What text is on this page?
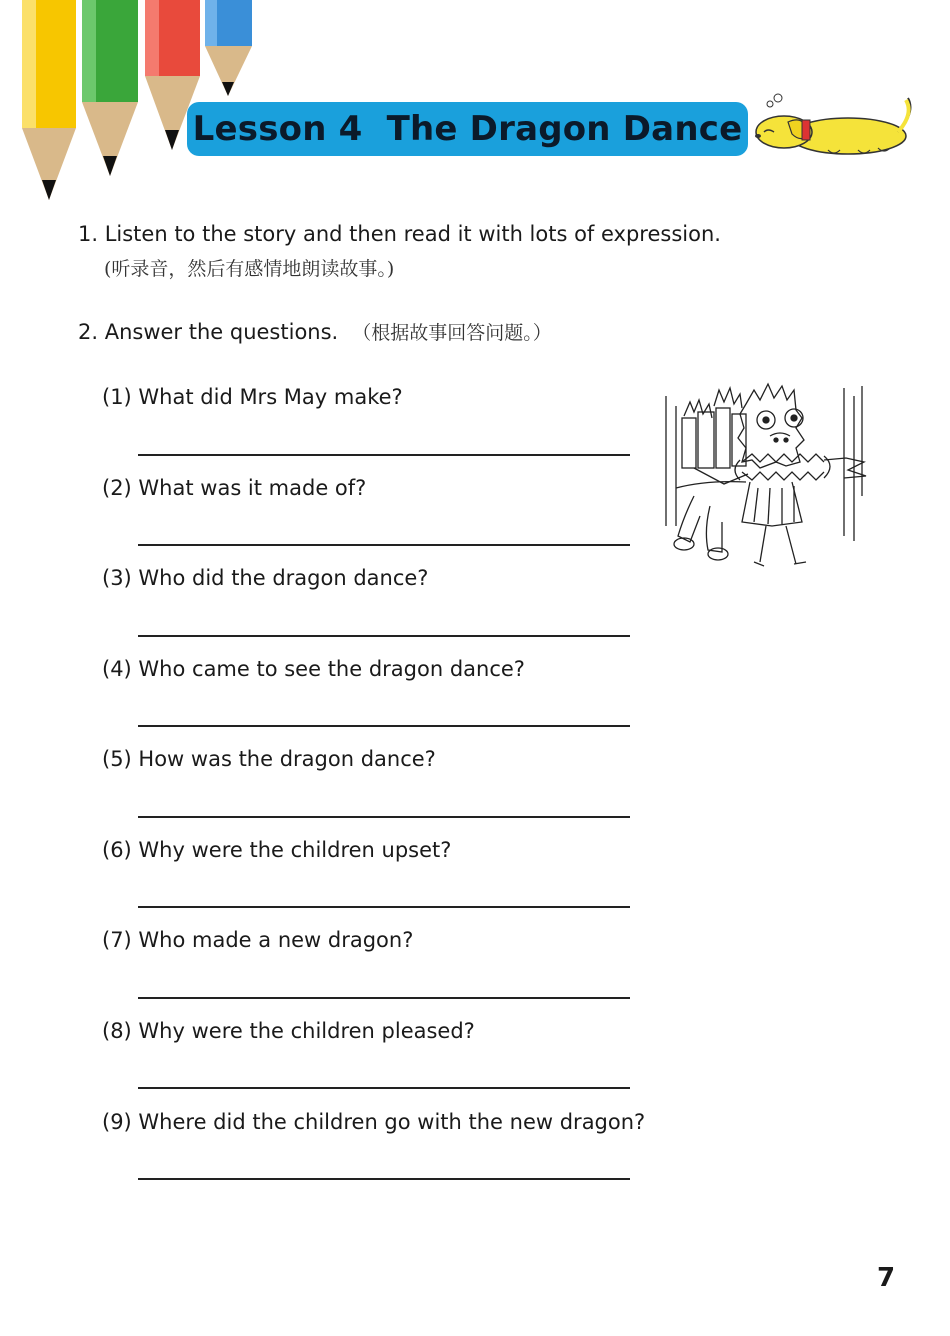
Lesson 4  The Dragon Dance
1. Listen to the story and then read it with lots of expression.
(听录音，然后有感情地朗读故事。)
2. Answer the questions. （根据故事回答问题。）
(1) What did Mrs May make?
(2) What was it made of?
(3) Who did the dragon dance?
(4) Who came to see the dragon dance?
(5) How was the dragon dance?
(6) Why were the children upset?
(7) Who made a new dragon?
(8) Why were the children pleased?
(9) Where did the children go with the new dragon?
7
